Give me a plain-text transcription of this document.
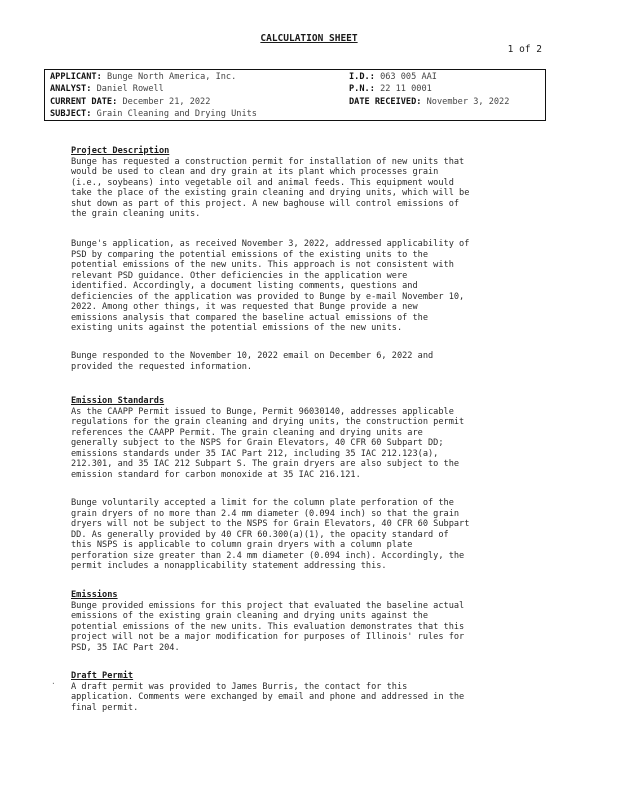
CALCULATION SHEET
1 of 2
APPLICANT: Bunge North America, Inc.
ANALYST: Daniel Rowell
CURRENT DATE: December 21, 2022
SUBJECT: Grain Cleaning and Drying Units
I.D.: 063 005 AAI
P.N.: 22 11 0001
DATE RECEIVED: November 3, 2022

Project Description

Bunge has requested a construction permit for installation of new units that
would be used to clean and dry grain at its plant which processes grain
(i.e., soybeans) into vegetable oil and animal feeds. This equipment would
take the place of the existing grain cleaning and drying units, which will be
shut down as part of this project. A new baghouse will control emissions of
the grain cleaning units.

Bunge's application, as received November 3, 2022, addressed applicability of
PSD by comparing the potential emissions of the existing units to the
potential emissions of the new units. This approach is not consistent with
relevant PSD guidance. Other deficiencies in the application were
identified. Accordingly, a document listing comments, questions and
deficiencies of the application was provided to Bunge by e-mail November 10,
2022. Among other things, it was requested that Bunge provide a new
emissions analysis that compared the baseline actual emissions of the
existing units against the potential emissions of the new units.

Bunge responded to the November 10, 2022 email on December 6, 2022 and
provided the requested information.

Emission Standards

As the CAAPP Permit issued to Bunge, Permit 96030140, addresses applicable
regulations for the grain cleaning and drying units, the construction permit
references the CAAPP Permit. The grain cleaning and drying units are
generally subject to the NSPS for Grain Elevators, 40 CFR 60 Subpart DD;
emissions standards under 35 IAC Part 212, including 35 IAC 212.123(a),
212.301, and 35 IAC 212 Subpart S. The grain dryers are also subject to the
emission standard for carbon monoxide at 35 IAC 216.121.

Bunge voluntarily accepted a limit for the column plate perforation of the
grain dryers of no more than 2.4 mm diameter (0.094 inch) so that the grain
dryers will not be subject to the NSPS for Grain Elevators, 40 CFR 60 Subpart
DD. As generally provided by 40 CFR 60.300(a)(1), the opacity standard of
this NSPS is applicable to column grain dryers with a column plate
perforation size greater than 2.4 mm diameter (0.094 inch). Accordingly, the
permit includes a nonapplicability statement addressing this.

Emissions

Bunge provided emissions for this project that evaluated the baseline actual
emissions of the existing grain cleaning and drying units against the
potential emissions of the new units. This evaluation demonstrates that this
project will not be a major modification for purposes of Illinois' rules for
PSD, 35 IAC Part 204.

·

Draft Permit

A draft permit was provided to James Burris, the contact for this
application. Comments were exchanged by email and phone and addressed in the
final permit.
